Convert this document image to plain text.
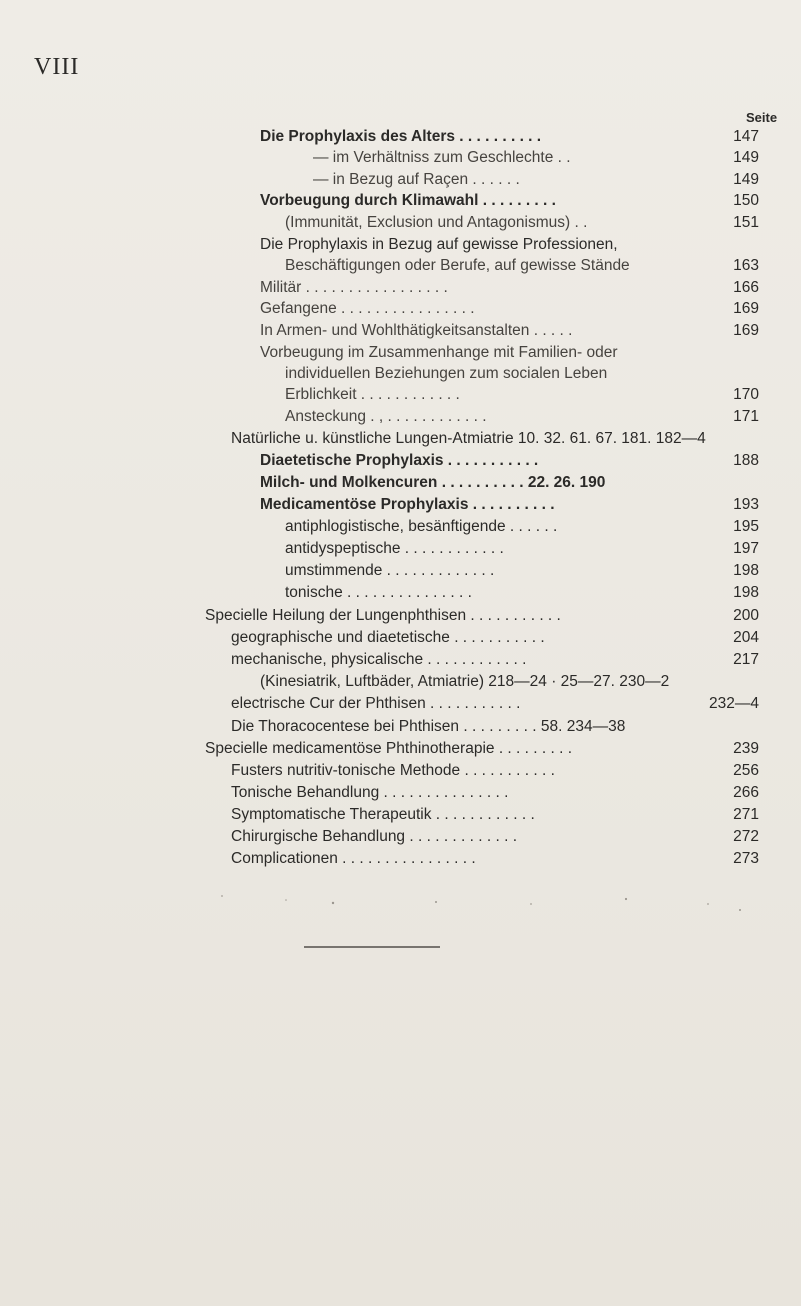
VIII
Seite
Die Prophylaxis des Alters . . . . . . . . . .	147
— im Verhältniss zum Geschlechte . .	149
— in Bezug auf Raçen . . . . . .	149
Vorbeugung durch Klimawahl . . . . . . . . .	150
(Immunität, Exclusion und Antagonismus) . .	151
Die Prophylaxis in Bezug auf gewisse Professionen,
Beschäftigungen oder Berufe, auf gewisse Stände	163
Militär . . . . . . . . . . . . . . . . .	166
Gefangene . . . . . . . . . . . . . . . .	169
In Armen- und Wohlthätigkeitsanstalten . . . . .	169
Vorbeugung im Zusammenhange mit Familien- oder
individuellen Beziehungen zum socialen Leben
Erblichkeit . . . . . . . . . . . .	170
Ansteckung . , . . . . . . . . . . . .	171
Natürliche u. künstliche Lungen-Atmiatrie 10. 32. 61. 67. 181. 182—4
Diaetetische Prophylaxis . . . . . . . . . . .	188
Milch- und Molkencuren . . . . . . . . . . 22. 26. 190
Medicamentöse Prophylaxis . . . . . . . . . .	193
antiphlogistische, besänftigende . . . . . .	195
antidyspeptische . . . . . . . . . . . .	197
umstimmende . . . . . . . . . . . . .	198
tonische . . . . . . . . . . . . . . .	198
Specielle Heilung der Lungenphthisen . . . . . . . . . . .	200
geographische und diaetetische . . . . . . . . . . .	204
mechanische, physicalische . . . . . . . . . . . .	217
(Kinesiatrik, Luftbäder, Atmiatrie) 218—24 · 25—27. 230—2
electrische Cur der Phthisen . . . . . . . . . . .	232—4
Die Thoracocentese bei Phthisen . . . . . . . . . 58. 234—38
Specielle medicamentöse Phthinotherapie . . . . . . . . .	239
Fusters nutritiv-tonische Methode . . . . . . . . . . .	256
Tonische Behandlung . . . . . . . . . . . . . . .	266
Symptomatische Therapeutik . . . . . . . . . . . .	271
Chirurgische Behandlung . . . . . . . . . . . . .	272
Complicationen . . . . . . . . . . . . . . . .	273
